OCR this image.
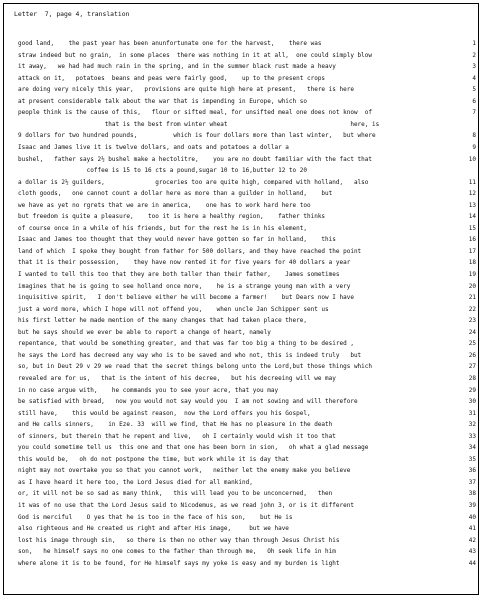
Letter  7, page 4, translation
good land,    the past year has been anunfortunate one for the harvest,    there was	1
straw indeed but no grain,  in some places  there was nothing in it at all,  one could simply blow	2
it away,   we had had much rain in the spring, and in the summer black rust made a heavy	3
attack on it,   potatoes  beans and peas were fairly good,    up to the present crops	4
are doing very nicely this year,   provisions are quite high here at present,   there is here	5
at present considerable talk about the war that is impending in Europe, which so	6
people think is the cause of this,   flour or sifted meal, for unsifted meal one does not know  of	7
that is the best from winter wheat                                  here, is
9 dollars for two hundred pounds,          which is four dollars more than last winter,   but where	8
Isaac and James live it is twelve dollars, and oats and potatoes a dollar a	9
bushel,   father says 2½ bushel make a hectolitre,    you are no doubt familiar with the fact that	10
coffee is 15 to 16 cts a pound,sugar 10 to 16,butter 12 to 20
a dollar is 2½ guilders,              groceries too are quite high, compared with holland,   also	11
cloth goods,   one cannot count a dollar here as more than a guilder in holland,    but	12
we have as yet no rgrets that we are in america,    one has to work hard here too	13
but freedom is quite a pleasure,    too it is here a healthy region,    father thinks	14
of course once in a while of his friends, but for the rest he is in his element,	15
Isaac and James too thought that they would never have gotten so far in holland,    this	16
land of which  I spoke they bought from father for 500 dollars, and they have reached the point	17
that it is their possession,    they have now rented it for five years for 40 dollars a year	18
I wanted to tell this too that they are both taller than their father,    James sometimes	19
imagines that he is going to see holland once more,    he is a strange young man with a very	20
inquisitive spirit,   I don't believe either he will become a farmer!    but Dears now I have	21
just a word more, which I hope will not offend you,    when uncle Jan Schipper sent us	22
his first letter he made mention of the many changes that had taken place there,	23
but he says should we ever be able to report a change of heart, namely	24
repentance, that would be something greater, and that was far too big a thing to be desired ,	25
he says the Lord has decreed any way who is to be saved and who not, this is indeed truly   but	26
so, but in Deut 29 v 29 we read that the secret things belong unto the Lord,but those things which	27
revealed are for us,   that is the intent of his decree,   but his decreeing will we may	28
in no case argue with,    he commands you to see your acre, that you may	29
be satisfied with bread,   now you would not say would you  I am not sowing and will therefore	30
still have,    this would be against reason,  now the Lord offers you his Gospel,	31
and He calls sinners,    in Eze. 33  will we find, that He has no pleasure in the death	32
of sinners, but therein that he repent and live,   oh I certainly would wish it too that	33
you could sometime tell us  this one and that one has been born in sion,   oh what a glad message	34
this would be,   oh do not postpone the time, but work while it is day that	35
night may not overtake you so that you cannot work,   neither let the enemy make you believe	36
as I have heard it here too, the Lord Jesus died for all mankind,	37
or, it will not be so sad as many think,   this will lead you to be unconcerned,   then	38
it was of no use that the Lord Jesus said to Nicodemus, as we read john 3, or is it different	39
God is merciful    O yes that he is too in the face of his son,    but He is	40
also righteous and He created us right and after His image,     but we have	41
lost his image through sin,   so there is then no other way than through Jesus Christ his	42
son,   he himself says no one comes to the father than through me,   Oh seek life in him	43
where alone it is to be found, for He himself says my yoke is easy and my burden is light	44
